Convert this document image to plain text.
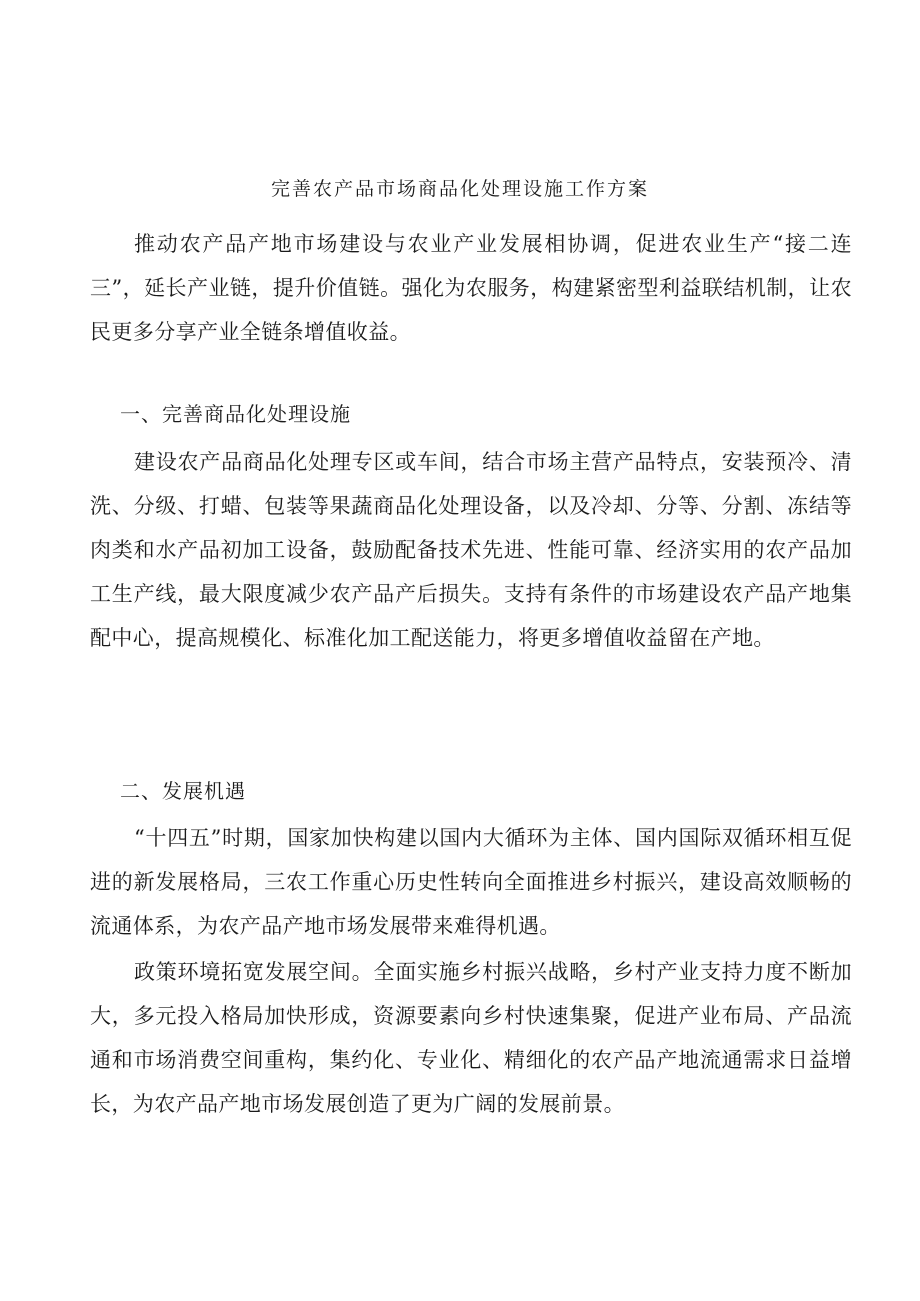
完善农产品市场商品化处理设施工作方案
推动农产品产地市场建设与农业产业发展相协调，促进农业生产“接二连三”，延长产业链，提升价值链。强化为农服务，构建紧密型利益联结机制，让农民更多分享产业全链条增值收益。
一、完善商品化处理设施
建设农产品商品化处理专区或车间，结合市场主营产品特点，安装预冷、清洗、分级、打蜡、包装等果蔬商品化处理设备，以及冷却、分等、分割、冻结等肉类和水产品初加工设备，鼓励配备技术先进、性能可靠、经济实用的农产品加工生产线，最大限度减少农产品产后损失。支持有条件的市场建设农产品产地集配中心，提高规模化、标准化加工配送能力，将更多增值收益留在产地。
二、发展机遇
“十四五”时期，国家加快构建以国内大循环为主体、国内国际双循环相互促进的新发展格局，三农工作重心历史性转向全面推进乡村振兴，建设高效顺畅的流通体系，为农产品产地市场发展带来难得机遇。
政策环境拓宽发展空间。全面实施乡村振兴战略，乡村产业支持力度不断加大，多元投入格局加快形成，资源要素向乡村快速集聚，促进产业布局、产品流通和市场消费空间重构，集约化、专业化、精细化的农产品产地流通需求日益增长，为农产品产地市场发展创造了更为广阔的发展前景。
